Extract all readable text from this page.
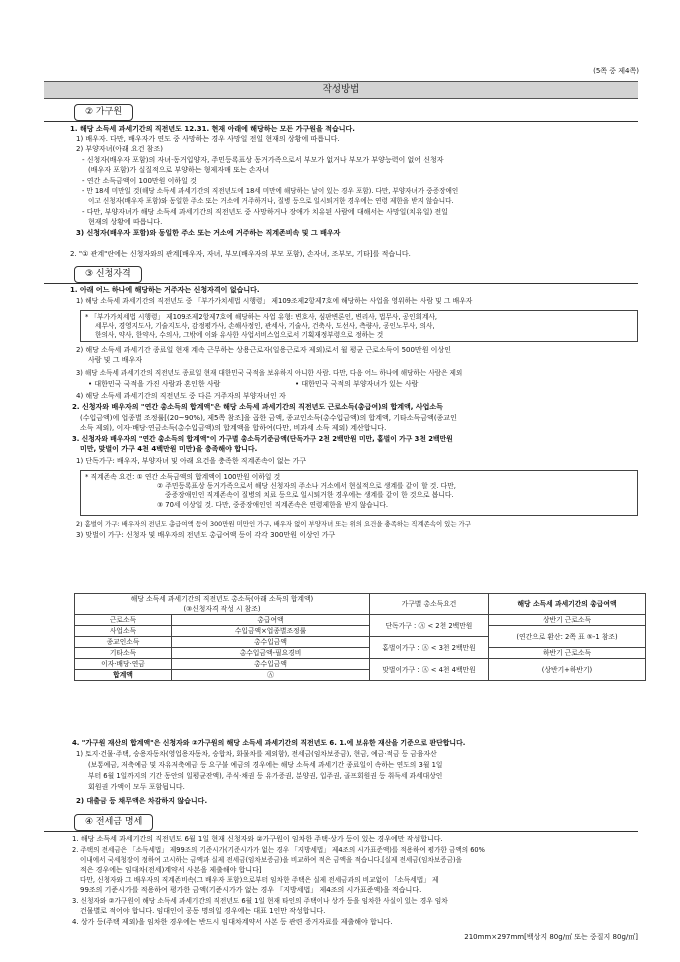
(5쪽 중 제4쪽)
작성방법
② 가구원
1. 해당 소득세 과세기간의 직전년도 12.31. 현재 아래에 해당하는 모든 가구원을 적습니다.
1) 배우자. 다만, 배우자가 연도 중 사망하는 경우 사망일 전일 현재의 상황에 따릅니다.
2) 부양자녀(아래 요건 참조)
- 신청자(배우자 포함)의 자녀·동거입양자, 주민등록표상 동거가족으로서 부모가 없거나 부모가 부양능력이 없어 신청자
(배우자 포함)가 실질적으로 부양하는 형제자매 또는 손자녀
- 연간 소득금액이 100만원 이하일 것
- 만 18세 미만일 것(해당 소득세 과세기간의 직전년도에 18세 미만에 해당하는 날이 있는 경우 포함). 다만, 부양자녀가 중증장애인
이고 신청자(배우자 포함)와 동일한 주소 또는 거소에 거주하거나, 질병 등으로 일시퇴거한 경우에는 연령 제한을 받지 않습니다.
- 다만, 부양자녀가 해당 소득세 과세기간의 직전년도 중 사망하거나 장애가 치유된 사람에 대해서는 사망일(치유일) 전일
현재의 상황에 따릅니다.
3) 신청자(배우자 포함)와 동일한 주소 또는 거소에 거주하는 직계존비속 및 그 배우자
2. "① 관계"란에는 신청자와의 관계[배우자, 자녀, 부모(배우자의 부모 포함), 손자녀, 조부모, 기타]를 적습니다.
③ 신청자격
1. 아래 어느 하나에 해당하는 거주자는 신청자격이 없습니다.
1) 해당 소득세 과세기간의 직전년도 중 「부가가치세법 시행령」 제109조제2항제7호에 해당하는 사업을 영위하는 사람 및 그 배우자
* 「부가가치세법 시행령」 제109조제2항제7호에 해당하는 사업 유형: 변호사, 심판변론인, 변리사, 법무사, 공인회계사,
세무사, 경영지도사, 기술지도사, 감정평가사, 손해사정인, 관세사, 기술사, 건축사, 도선사, 측량사, 공인노무사, 의사,
한의사, 약사, 한약사, 수의사, 그밖에 이와 유사한 사업서비스업으로서 기획재정부령으로 정하는 것
2) 해당 소득세 과세기간 종료일 현재 계속 근무하는 상용근로자(일용근로자 제외)로서 월 평균 근로소득이 500만원 이상인
사람 및 그 배우자
3) 해당 소득세 과세기간의 직전년도 종료일 현재 대한민국 국적을 보유하지 아니한 사람. 다만, 다음 어느 하나에 해당하는 사람은 제외
• 대한민국 국적을 가진 사람과 혼인한 사람	• 대한민국 국적의 부양자녀가 있는 사람
4) 해당 소득세 과세기간의 직전년도 중 다른 거주자의 부양자녀인 자
2. 신청자와 배우자의 "연간 총소득의 합계액"은 해당 소득세 과세기간의 직전년도 근로소득(총급여)의 합계액, 사업소득
(수입금액)에 업종별 조정률[(20~90%), 제5쪽 참조]을 곱한 금액, 종교인소득(총수입금액)의 합계액, 기타소득금액(종교인
소득 제외), 이자·배당·연금소득(총수입금액)의 합계액을 합하여(다만, 비과세 소득 제외) 계산합니다.
3. 신청자와 배우자의 "연간 총소득의 합계액"이 가구별 총소득기준금액(단독가구 2천 2백만원 미만, 홑벌이 가구 3천 2백만원
미만, 맞벌이 가구 4천 4백만원 미만)을 충족해야 합니다.
1) 단독가구: 배우자, 부양자녀 및 아래 요건을 충족한 직계존속이 없는 가구
* 직계존속 요건: ① 연간 소득금액의 합계액이 100만원 이하일 것
② 주민등록표상 동거가족으로서 해당 신청자의 주소나 거소에서 현실적으로 생계를 같이 할 것. 다만,
중증장애인인 직계존속이 질병의 치료 등으로 일시퇴거한 경우에는 생계를 같이 한 것으로 봅니다.
③ 70세 이상일 것. 다만, 중증장애인인 직계존속은 연령제한을 받지 않습니다.
2) 홑벌이 가구: 배우자의 전년도 총급여액 등이 300만원 미만인 가구, 배우자 없이 부양자녀 또는 위의 요건을 충족하는 직계존속이 있는 가구
3) 맞벌이 가구: 신청자 및 배우자의 전년도 총급여액 등이 각각 300만원 이상인 가구
해당 소득세 과세기간의 직전년도 총소득(아래 소득의 합계액)
(③신청자격 작성 시 참조)		가구별 총소득요건	해당 소득세 과세기간의 총급여액
근로소득	총급여액	단독가구 : Ⓐ < 2천 2백만원	상반기 근로소득
사업소득	수입금액×업종별조정률		(연간으로 환산: 2쪽 표 ⑤-1 참조)
종교인소득	총수입금액	홑벌이가구 : Ⓐ < 3천 2백만원	
기타소득	총수입금액-필요경비		하반기 근로소득
이자·배당·연금	총수입금액	맞벌이가구 : Ⓐ < 4천 4백만원	(상반기+하반기)
합계액	Ⓐ		
4. "가구원 재산의 합계액"은 신청자와 ②가구원의 해당 소득세 과세기간의 직전년도 6. 1.에 보유한 재산을 기준으로 판단합니다.
1) 토지·건물·주택, 승용자동차(영업용자동차, 승합차, 화물차를 제외함), 전세금(임차보증금), 현금, 예금·적금 등 금융자산
(보통예금, 저축예금 및 자유저축예금 등 요구불 예금의 경우에는 해당 소득세 과세기간 종료일이 속하는 연도의 3월 1일
부터 6월 1일까지의 기간 동안의 일평균잔액), 주식·채권 등 유가증권, 분양권, 입주권, 골프회원권 등 취득세 과세대상인
회원권 가액이 모두 포함됩니다.
2) 대출금 등 채무액은 차감하지 않습니다.
④ 전세금 명세
1. 해당 소득세 과세기간의 직전년도 6월 1일 현재 신청자와 ②가구원이 임차한 주택·상가 등이 있는 경우에만 작성합니다.
2. 주택의 전세금은 「소득세법」 제99조의 기준시가(기준시가가 없는 경우 「지방세법」 제4조의 시가표준액)를 적용하여 평가한 금액의 60%
이내에서 국세청장이 정하여 고시하는 금액과 실제 전세금(임차보증금)을 비교하여 적은 금액을 적습니다.[실제 전세금(임차보증금)을
적은 경우에는 임대차(전세)계약서 사본을 제출해야 합니다]
다만, 신청자와 그 배우자의 직계존비속(그 배우자 포함)으로부터 임차한 주택은 실제 전세금과의 비교없이 「소득세법」 제
99조의 기준시가를 적용하여 평가한 금액(기준시가가 없는 경우 「지방세법」 제4조의 시가표준액)을 적습니다.
3. 신청자와 ②가구원이 해당 소득세 과세기간의 직전년도 6월 1일 현재 타인의 주택이나 상가 등을 임차한 사실이 있는 경우 임차
건물별로 적어야 합니다. 임대인이 공동 명의일 경우에는 대표 1인만 작성합니다.
4. 상가 등(주택 제외)을 임차한 경우에는 반드시 임대차계약서 사본 등 관련 증거자료를 제출해야 합니다.
210mm×297mm[백상지 80g/㎡ 또는 중질지 80g/㎡]
